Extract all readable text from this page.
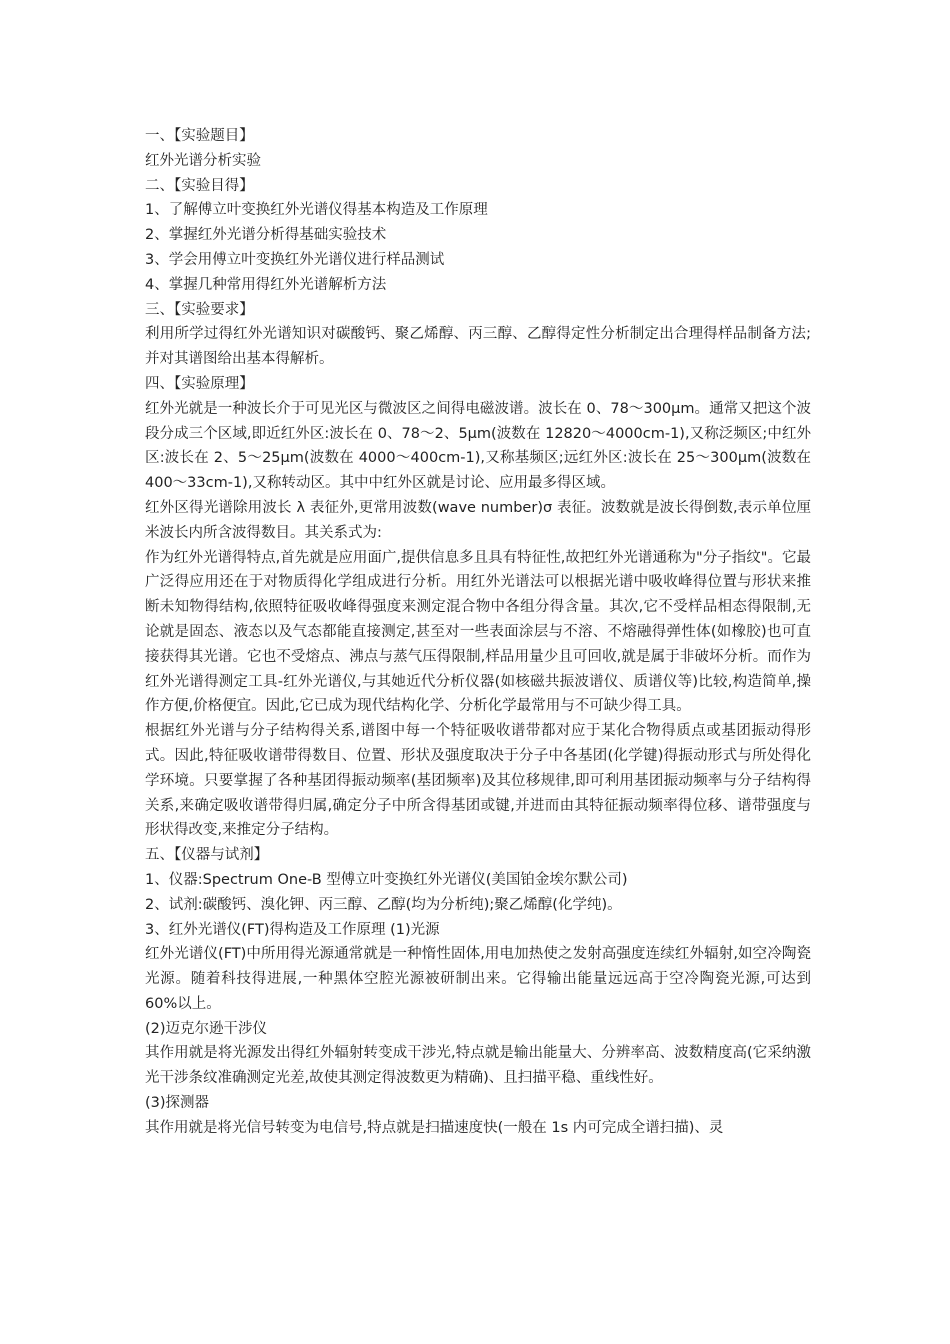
一、【实验题目】

红外光谱分析实验

二、【实验目得】

1、了解傅立叶变换红外光谱仪得基本构造及工作原理

2、掌握红外光谱分析得基础实验技术

3、学会用傅立叶变换红外光谱仪进行样品测试

4、掌握几种常用得红外光谱解析方法

三、【实验要求】

利用所学过得红外光谱知识对碳酸钙、聚乙烯醇、丙三醇、乙醇得定性分析制定出合理得样品制备方法;并对其谱图给出基本得解析。

四、【实验原理】

红外光就是一种波长介于可见光区与微波区之间得电磁波谱。波长在 0、78～300μm。通常又把这个波段分成三个区域,即近红外区:波长在 0、78～2、5μm(波数在 12820～4000cm-1),又称泛频区;中红外区:波长在 2、5～25μm(波数在 4000～400cm-1),又称基频区;远红外区:波长在 25～300μm(波数在 400～33cm-1),又称转动区。其中中红外区就是讨论、应用最多得区域。

红外区得光谱除用波长 λ 表征外,更常用波数(wave number)σ 表征。波数就是波长得倒数,表示单位厘米波长内所含波得数目。其关系式为:

作为红外光谱得特点,首先就是应用面广,提供信息多且具有特征性,故把红外光谱通称为"分子指纹"。它最广泛得应用还在于对物质得化学组成进行分析。用红外光谱法可以根据光谱中吸收峰得位置与形状来推断未知物得结构,依照特征吸收峰得强度来测定混合物中各组分得含量。其次,它不受样品相态得限制,无论就是固态、液态以及气态都能直接测定,甚至对一些表面涂层与不溶、不熔融得弹性体(如橡胶)也可直接获得其光谱。它也不受熔点、沸点与蒸气压得限制,样品用量少且可回收,就是属于非破坏分析。而作为红外光谱得测定工具-红外光谱仪,与其她近代分析仪器(如核磁共振波谱仪、质谱仪等)比较,构造简单,操作方便,价格便宜。因此,它已成为现代结构化学、分析化学最常用与不可缺少得工具。

根据红外光谱与分子结构得关系,谱图中每一个特征吸收谱带都对应于某化合物得质点或基团振动得形式。因此,特征吸收谱带得数目、位置、形状及强度取决于分子中各基团(化学键)得振动形式与所处得化学环境。只要掌握了各种基团得振动频率(基团频率)及其位移规律,即可利用基团振动频率与分子结构得关系,来确定吸收谱带得归属,确定分子中所含得基团或键,并进而由其特征振动频率得位移、谱带强度与形状得改变,来推定分子结构。

五、【仪器与试剂】

1、仪器:Spectrum One-B 型傅立叶变换红外光谱仪(美国铂金埃尔默公司)

2、试剂:碳酸钙、溴化钾、丙三醇、乙醇(均为分析纯);聚乙烯醇(化学纯)。

3、红外光谱仪(FT)得构造及工作原理 (1)光源

红外光谱仪(FT)中所用得光源通常就是一种惰性固体,用电加热使之发射高强度连续红外辐射,如空冷陶瓷光源。随着科技得进展,一种黑体空腔光源被研制出来。它得输出能量远远高于空冷陶瓷光源,可达到 60%以上。

(2)迈克尔逊干涉仪

其作用就是将光源发出得红外辐射转变成干涉光,特点就是输出能量大、分辨率高、波数精度高(它采纳激光干涉条纹准确测定光差,故使其测定得波数更为精确)、且扫描平稳、重线性好。

(3)探测器

其作用就是将光信号转变为电信号,特点就是扫描速度快(一般在 1s 内可完成全谱扫描)、灵
